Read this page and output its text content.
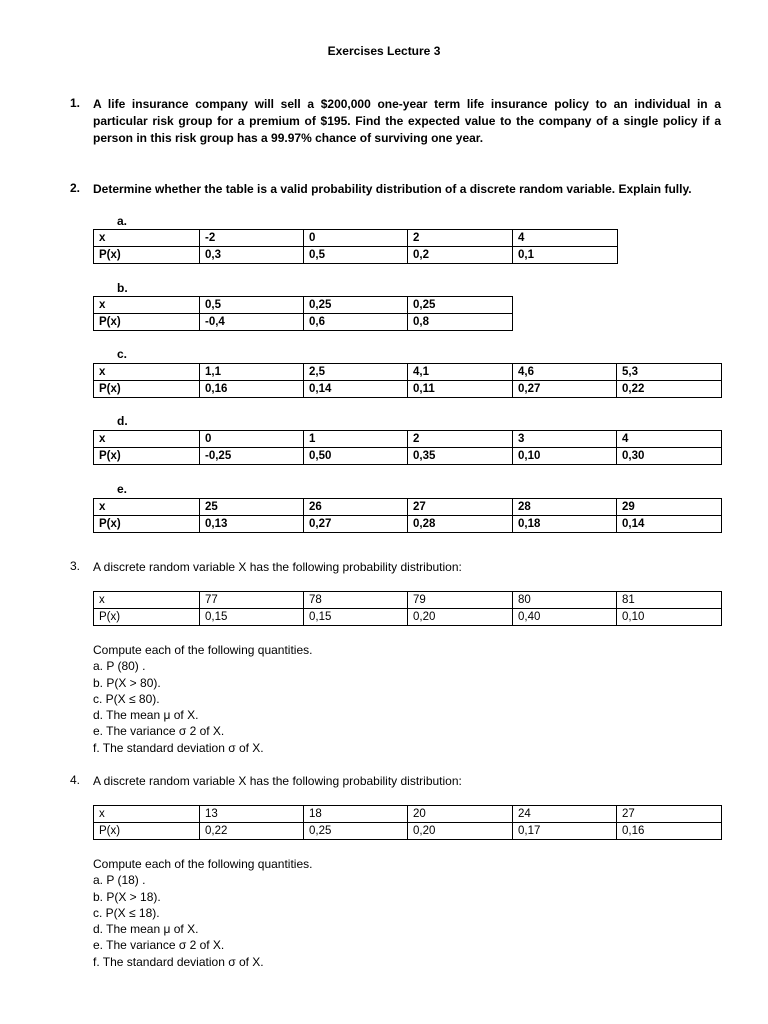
Exercises Lecture 3
1. A life insurance company will sell a $200,000 one-year term life insurance policy to an individual in a
particular risk group for a premium of $195. Find the expected value to the company of a single policy if a
person in this risk group has a 99.97% chance of surviving one year.
2. Determine whether the table is a valid probability distribution of a discrete random variable. Explain fully.
a.
x	-2	0	2	4
P(x)	0,3	0,5	0,2	0,1
b.
x	0,5	0,25	0,25
P(x)	-0,4	0,6	0,8
c.
x	1,1	2,5	4,1	4,6	5,3
P(x)	0,16	0,14	0,11	0,27	0,22
d.
x	0	1	2	3	4
P(x)	-0,25	0,50	0,35	0,10	0,30
e.
x	25	26	27	28	29
P(x)	0,13	0,27	0,28	0,18	0,14
3. A discrete random variable X has the following probability distribution:
x	77	78	79	80	81
P(x)	0,15	0,15	0,20	0,40	0,10
Compute each of the following quantities.
a. P (80) .
b. P(X > 80).
c. P(X ≤ 80).
d. The mean μ of X.
e. The variance σ 2 of X.
f. The standard deviation σ of X.
4. A discrete random variable X has the following probability distribution:
x	13	18	20	24	27
P(x)	0,22	0,25	0,20	0,17	0,16
Compute each of the following quantities.
a. P (18) .
b. P(X > 18).
c. P(X ≤ 18).
d. The mean μ of X.
e. The variance σ 2 of X.
f. The standard deviation σ of X.
